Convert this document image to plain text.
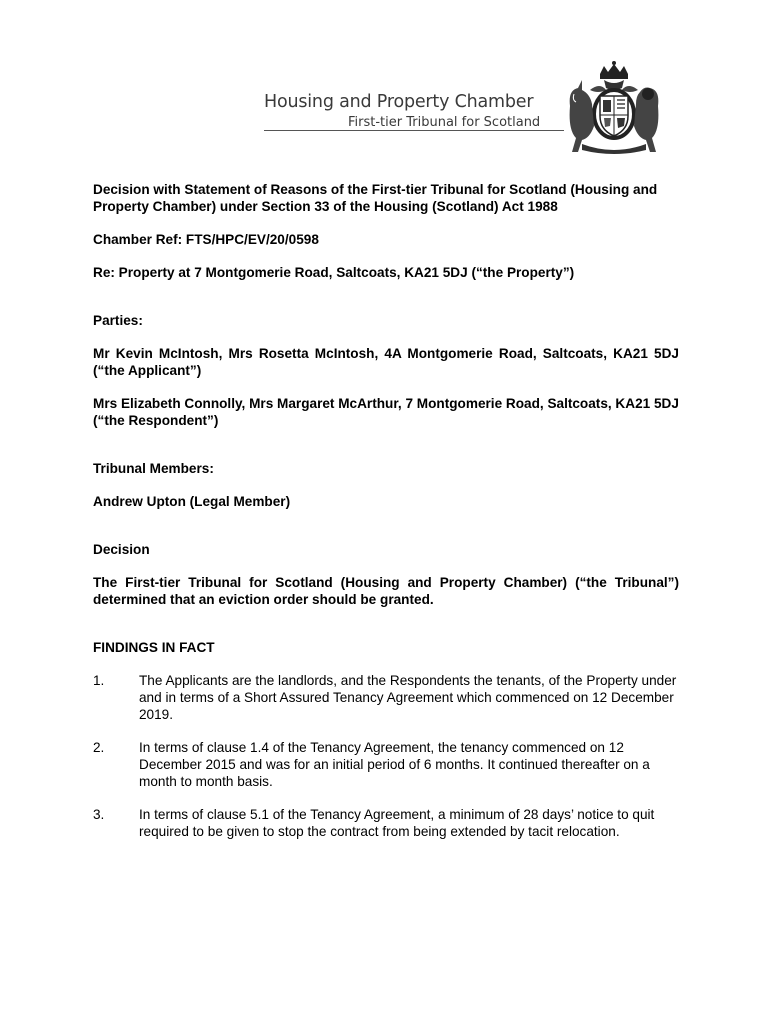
Housing and Property Chamber
First-tier Tribunal for Scotland

Decision with Statement of Reasons of the First-tier Tribunal for Scotland (Housing and Property Chamber) under Section 33 of the Housing (Scotland) Act 1988

Chamber Ref: FTS/HPC/EV/20/0598

Re: Property at 7 Montgomerie Road, Saltcoats, KA21 5DJ (“the Property”)

Parties:

Mr Kevin McIntosh, Mrs Rosetta McIntosh, 4A Montgomerie Road, Saltcoats, KA21 5DJ (“the Applicant”)

Mrs Elizabeth Connolly, Mrs Margaret McArthur, 7 Montgomerie Road, Saltcoats, KA21 5DJ (“the Respondent”)

Tribunal Members:

Andrew Upton (Legal Member)

Decision

The First-tier Tribunal for Scotland (Housing and Property Chamber) (“the Tribunal”) determined that an eviction order should be granted.

FINDINGS IN FACT

1.	The Applicants are the landlords, and the Respondents the tenants, of the Property under and in terms of a Short Assured Tenancy Agreement which commenced on 12 December 2019.
2.	In terms of clause 1.4 of the Tenancy Agreement, the tenancy commenced on 12 December 2015 and was for an initial period of 6 months. It continued thereafter on a month to month basis.
3.	In terms of clause 5.1 of the Tenancy Agreement, a minimum of 28 days’ notice to quit required to be given to stop the contract from being extended by tacit relocation.
